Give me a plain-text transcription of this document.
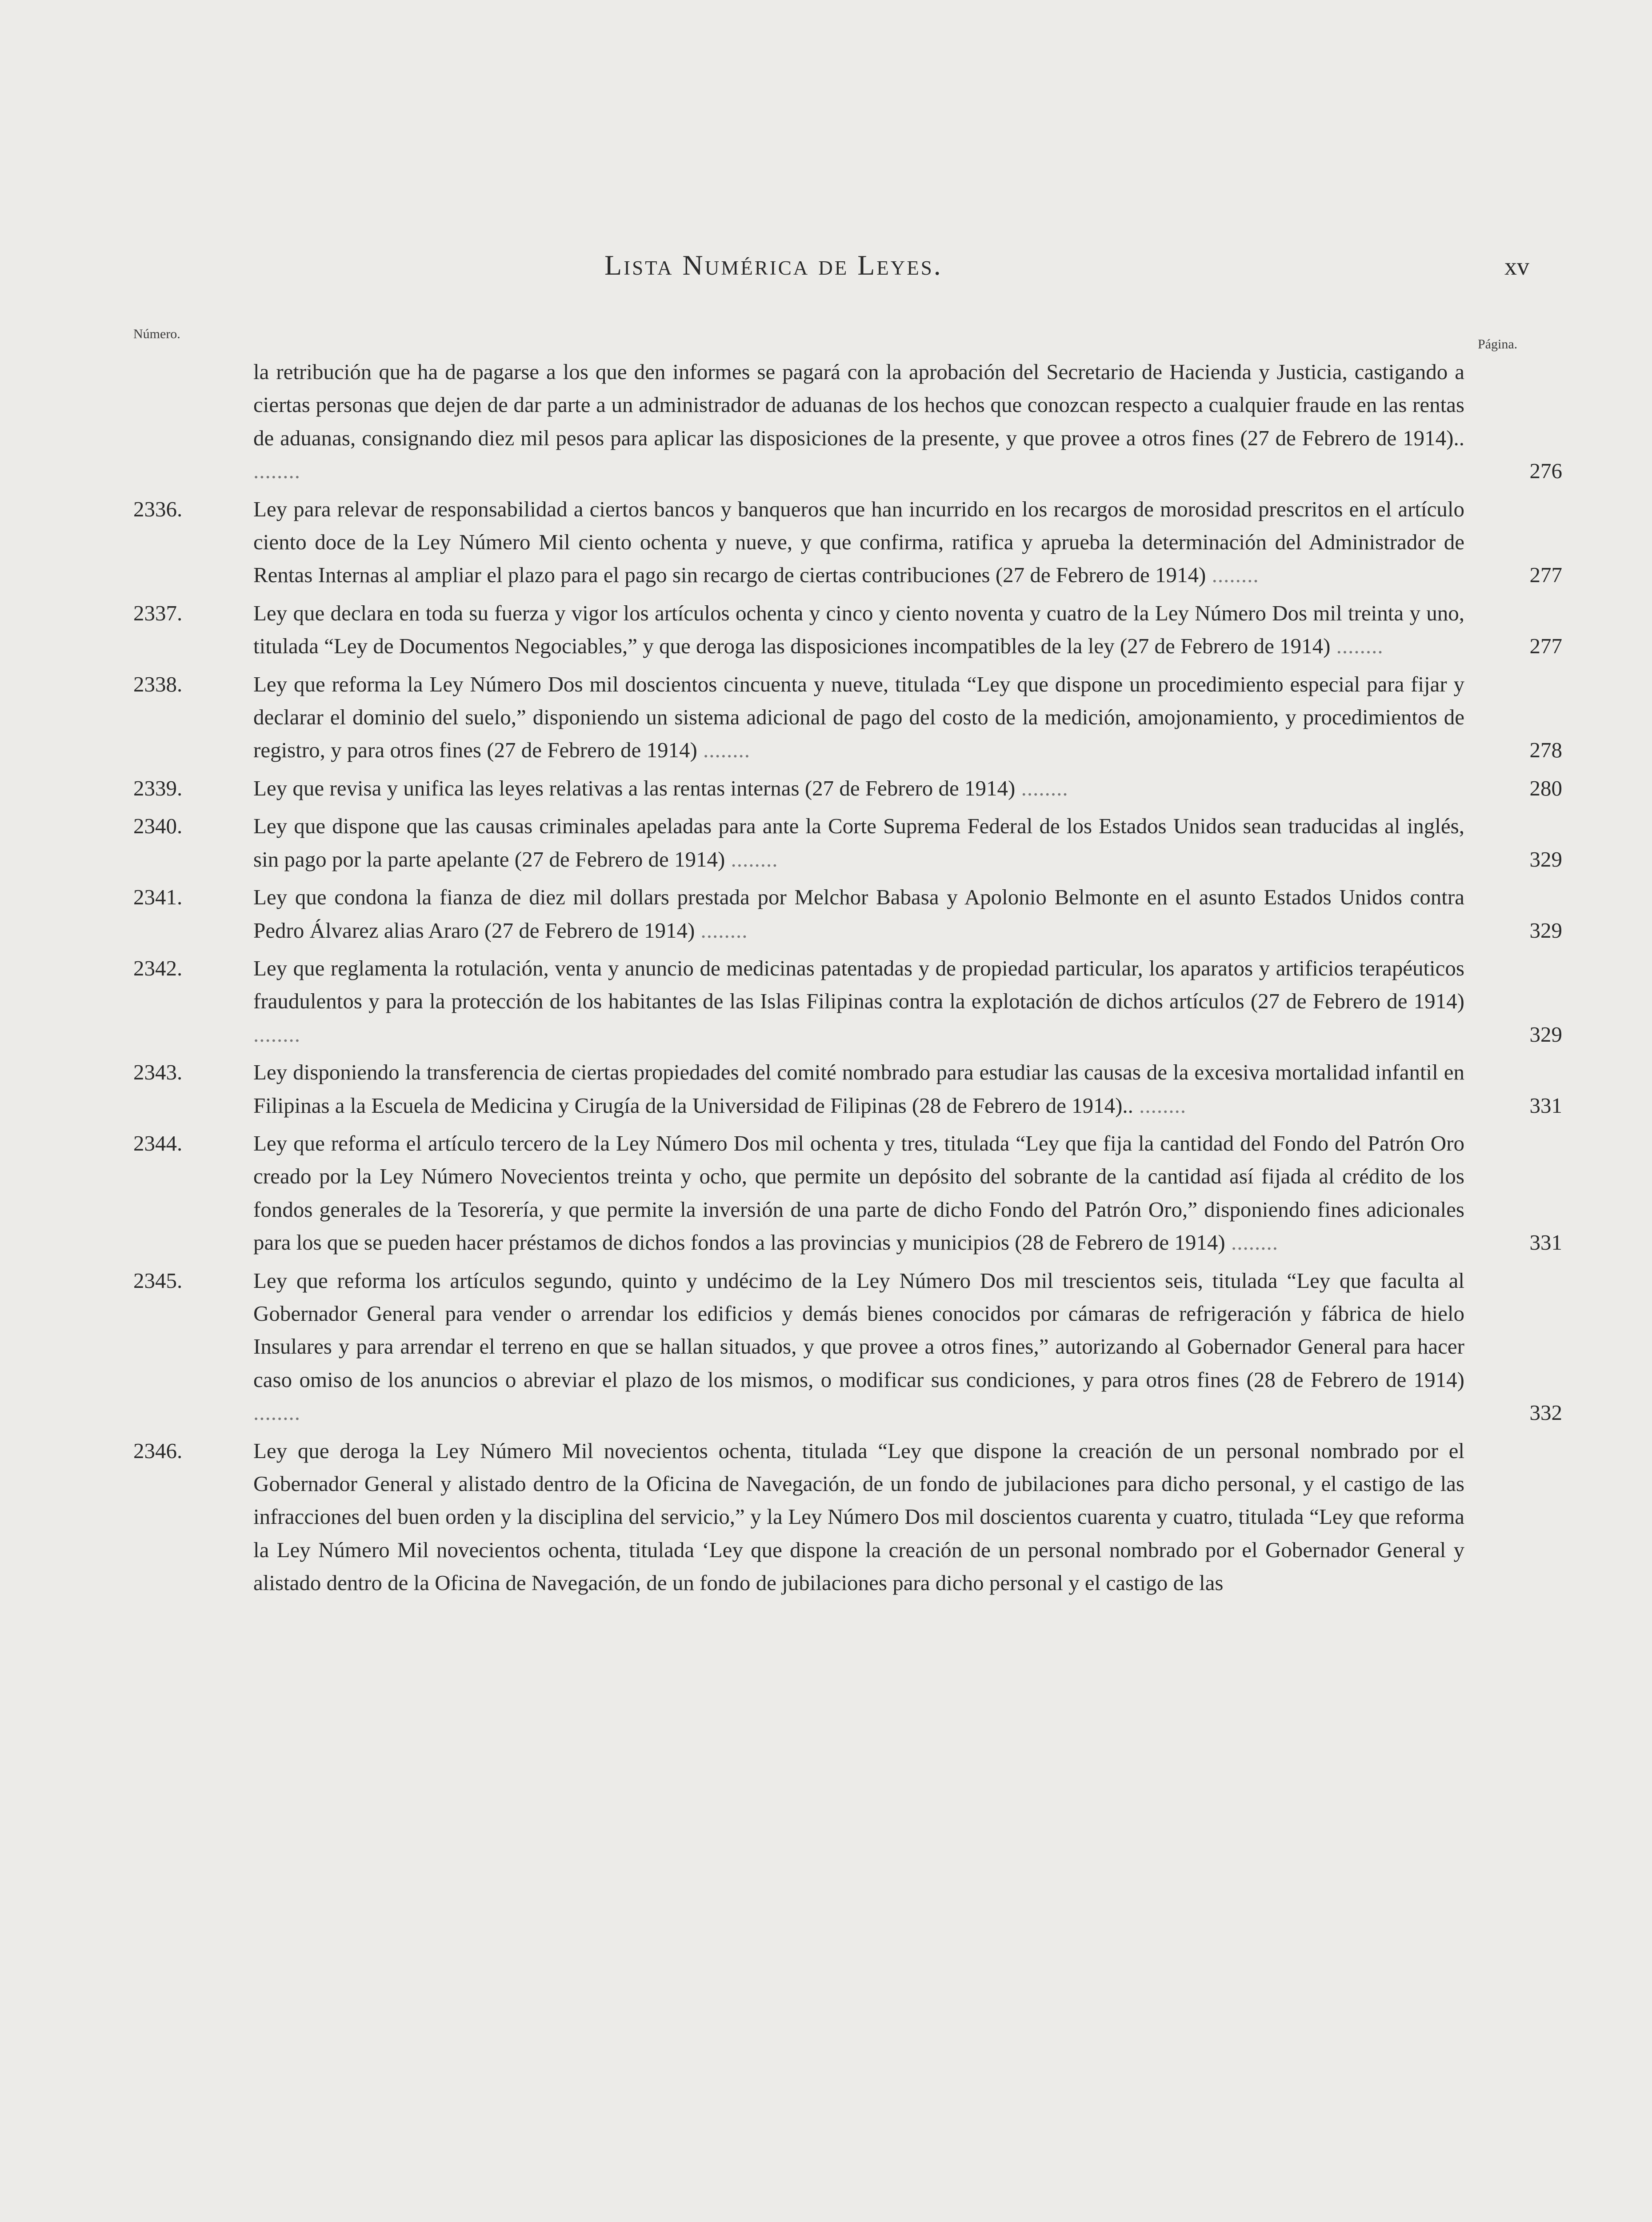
Lista Numérica de Leyes.	xv
Número.
Página.
la retribución que ha de pagarse a los que den informes se pagará con la aprobación del Secretario de Hacienda y Justicia, castigando a ciertas personas que dejen de dar parte a un administrador de aduanas de los hechos que conozcan respecto a cualquier fraude en las rentas de aduanas, consignando diez mil pesos para aplicar las disposiciones de la presente, y que provee a otros fines (27 de Febrero de 1914).. ........	276
2336.	Ley para relevar de responsabilidad a ciertos bancos y banqueros que han incurrido en los recargos de morosidad prescritos en el artículo ciento doce de la Ley Número Mil ciento ochenta y nueve, y que confirma, ratifica y aprueba la determinación del Administrador de Rentas Internas al ampliar el plazo para el pago sin recargo de ciertas contribuciones (27 de Febrero de 1914) ........	277
2337.	Ley que declara en toda su fuerza y vigor los artículos ochenta y cinco y ciento noventa y cuatro de la Ley Número Dos mil treinta y uno, titulada “Ley de Documentos Negociables,” y que deroga las disposiciones incompatibles de la ley (27 de Febrero de 1914) ........	277
2338.	Ley que reforma la Ley Número Dos mil doscientos cincuenta y nueve, titulada “Ley que dispone un procedimiento especial para fijar y declarar el dominio del suelo,” disponiendo un sistema adicional de pago del costo de la medición, amojonamiento, y procedimientos de registro, y para otros fines (27 de Febrero de 1914) ........	278
2339.	Ley que revisa y unifica las leyes relativas a las rentas internas (27 de Febrero de 1914) ........	280
2340.	Ley que dispone que las causas criminales apeladas para ante la Corte Suprema Federal de los Estados Unidos sean traducidas al inglés, sin pago por la parte apelante (27 de Febrero de 1914) ........	329
2341.	Ley que condona la fianza de diez mil dollars prestada por Melchor Babasa y Apolonio Belmonte en el asunto Estados Unidos contra Pedro Álvarez alias Araro (27 de Febrero de 1914) ........	329
2342.	Ley que reglamenta la rotulación, venta y anuncio de medicinas patentadas y de propiedad particular, los aparatos y artificios terapéuticos fraudulentos y para la protección de los habitantes de las Islas Filipinas contra la explotación de dichos artículos (27 de Febrero de 1914) ........	329
2343.	Ley disponiendo la transferencia de ciertas propiedades del comité nombrado para estudiar las causas de la excesiva mortalidad infantil en Filipinas a la Escuela de Medicina y Cirugía de la Universidad de Filipinas (28 de Febrero de 1914).. ........	331
2344.	Ley que reforma el artículo tercero de la Ley Número Dos mil ochenta y tres, titulada “Ley que fija la cantidad del Fondo del Patrón Oro creado por la Ley Número Novecientos treinta y ocho, que permite un depósito del sobrante de la cantidad así fijada al crédito de los fondos generales de la Tesorería, y que permite la inversión de una parte de dicho Fondo del Patrón Oro,” disponiendo fines adicionales para los que se pueden hacer préstamos de dichos fondos a las provincias y municipios (28 de Febrero de 1914) ........	331
2345.	Ley que reforma los artículos segundo, quinto y undécimo de la Ley Número Dos mil trescientos seis, titulada “Ley que faculta al Gobernador General para vender o arrendar los edificios y demás bienes conocidos por cámaras de refrigeración y fábrica de hielo Insulares y para arrendar el terreno en que se hallan situados, y que provee a otros fines,” autorizando al Gobernador General para hacer caso omiso de los anuncios o abreviar el plazo de los mismos, o modificar sus condiciones, y para otros fines (28 de Febrero de 1914) ........	332
2346.	Ley que deroga la Ley Número Mil novecientos ochenta, titulada “Ley que dispone la creación de un personal nombrado por el Gobernador General y alistado dentro de la Oficina de Navegación, de un fondo de jubilaciones para dicho personal, y el castigo de las infracciones del buen orden y la disciplina del servicio,” y la Ley Número Dos mil doscientos cuarenta y cuatro, titulada “Ley que reforma la Ley Número Mil novecientos ochenta, titulada ‘Ley que dispone la creación de un personal nombrado por el Gobernador General y alistado dentro de la Oficina de Navegación, de un fondo de jubilaciones para dicho personal y el castigo de las
